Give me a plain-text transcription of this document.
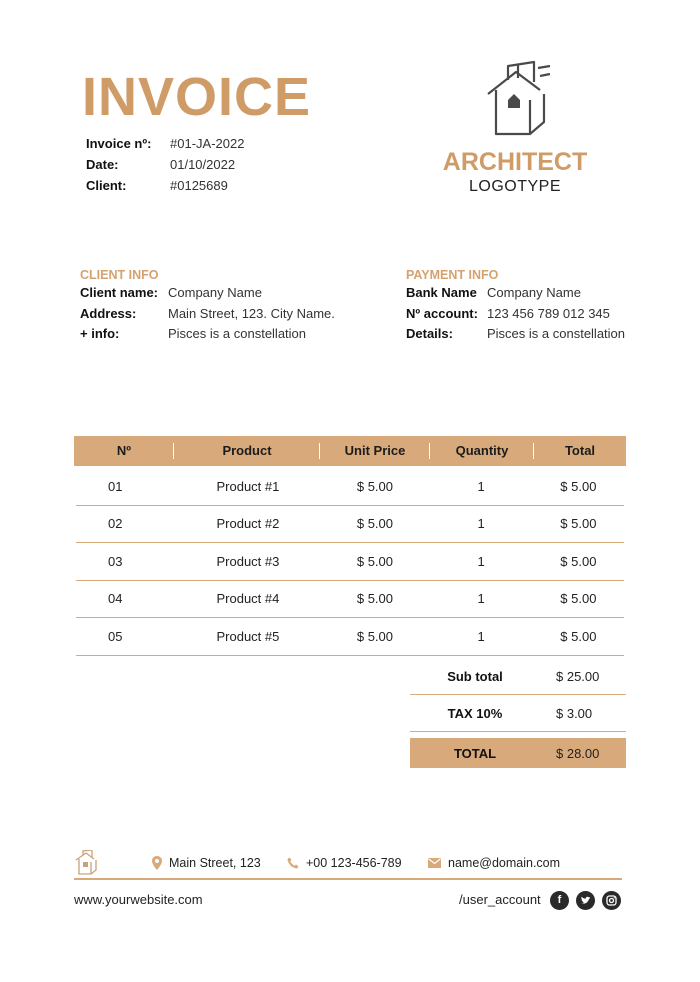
INVOICE
Invoice nº:	#01-JA-2022
Date:	01/10/2022
Client:	#0125689
ARCHITECT
LOGOTYPE
CLIENT INFO
Client name: Company Name
Address:	Main Street, 123. City Name.
+ info:	Pisces is a constellation
PAYMENT INFO
Bank Name Company Name
Nº account: 123 456 789 012 345
Details:	Pisces is a constellation
Nº	Product	Unit Price	Quantity	Total
01	Product #1	$ 5.00	1	$ 5.00
02	Product #2	$ 5.00	1	$ 5.00
03	Product #3	$ 5.00	1	$ 5.00
04	Product #4	$ 5.00	1	$ 5.00
05	Product #5	$ 5.00	1	$ 5.00
Sub total	$ 25.00
TAX 10%	$ 3.00
TOTAL	$ 28.00
Main Street, 123	+00 123-456-789	name@domain.com
www.yourwebsite.com	/user_account	f
